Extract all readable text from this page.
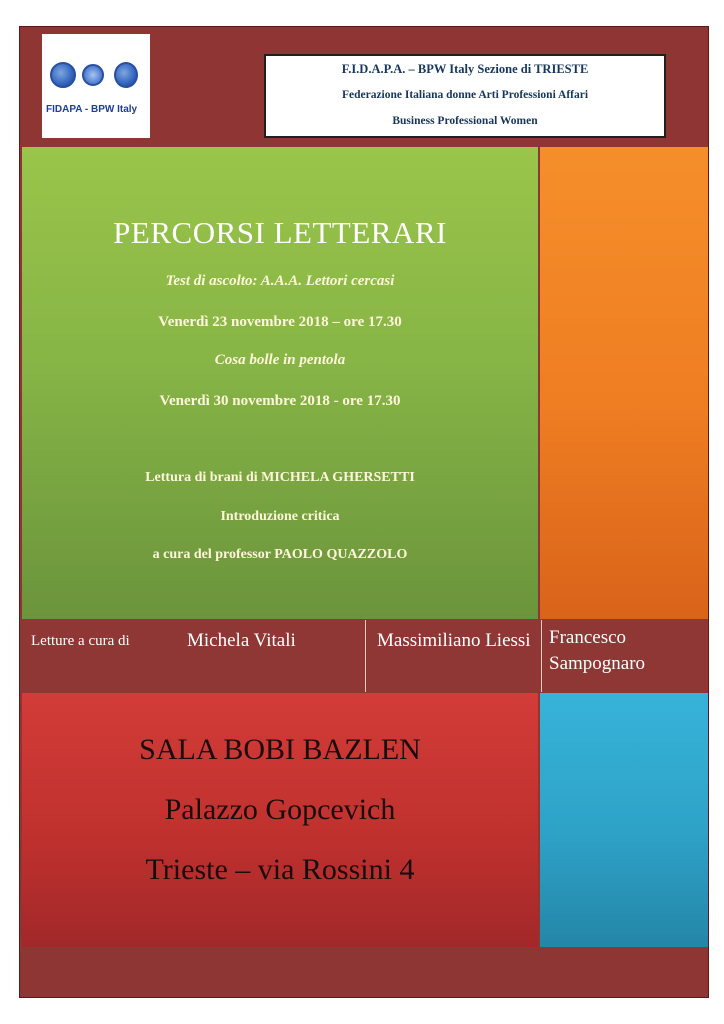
FIDAPA - BPW Italy
F.I.D.A.P.A. – BPW Italy Sezione di TRIESTE
Federazione Italiana donne Arti Professioni Affari
Business Professional Women
PERCORSI LETTERARI
Test di ascolto: A.A.A. Lettori cercasi
Venerdì 23 novembre 2018 – ore 17.30
Cosa bolle in pentola
Venerdì 30 novembre 2018 - ore 17.30
Lettura di brani di MICHELA GHERSETTI
Introduzione critica
a cura del professor PAOLO QUAZZOLO
Letture a cura di	Michela Vitali	Massimiliano Liessi Francesco Sampognaro
SALA BOBI BAZLEN
Palazzo Gopcevich
Trieste – via Rossini 4
